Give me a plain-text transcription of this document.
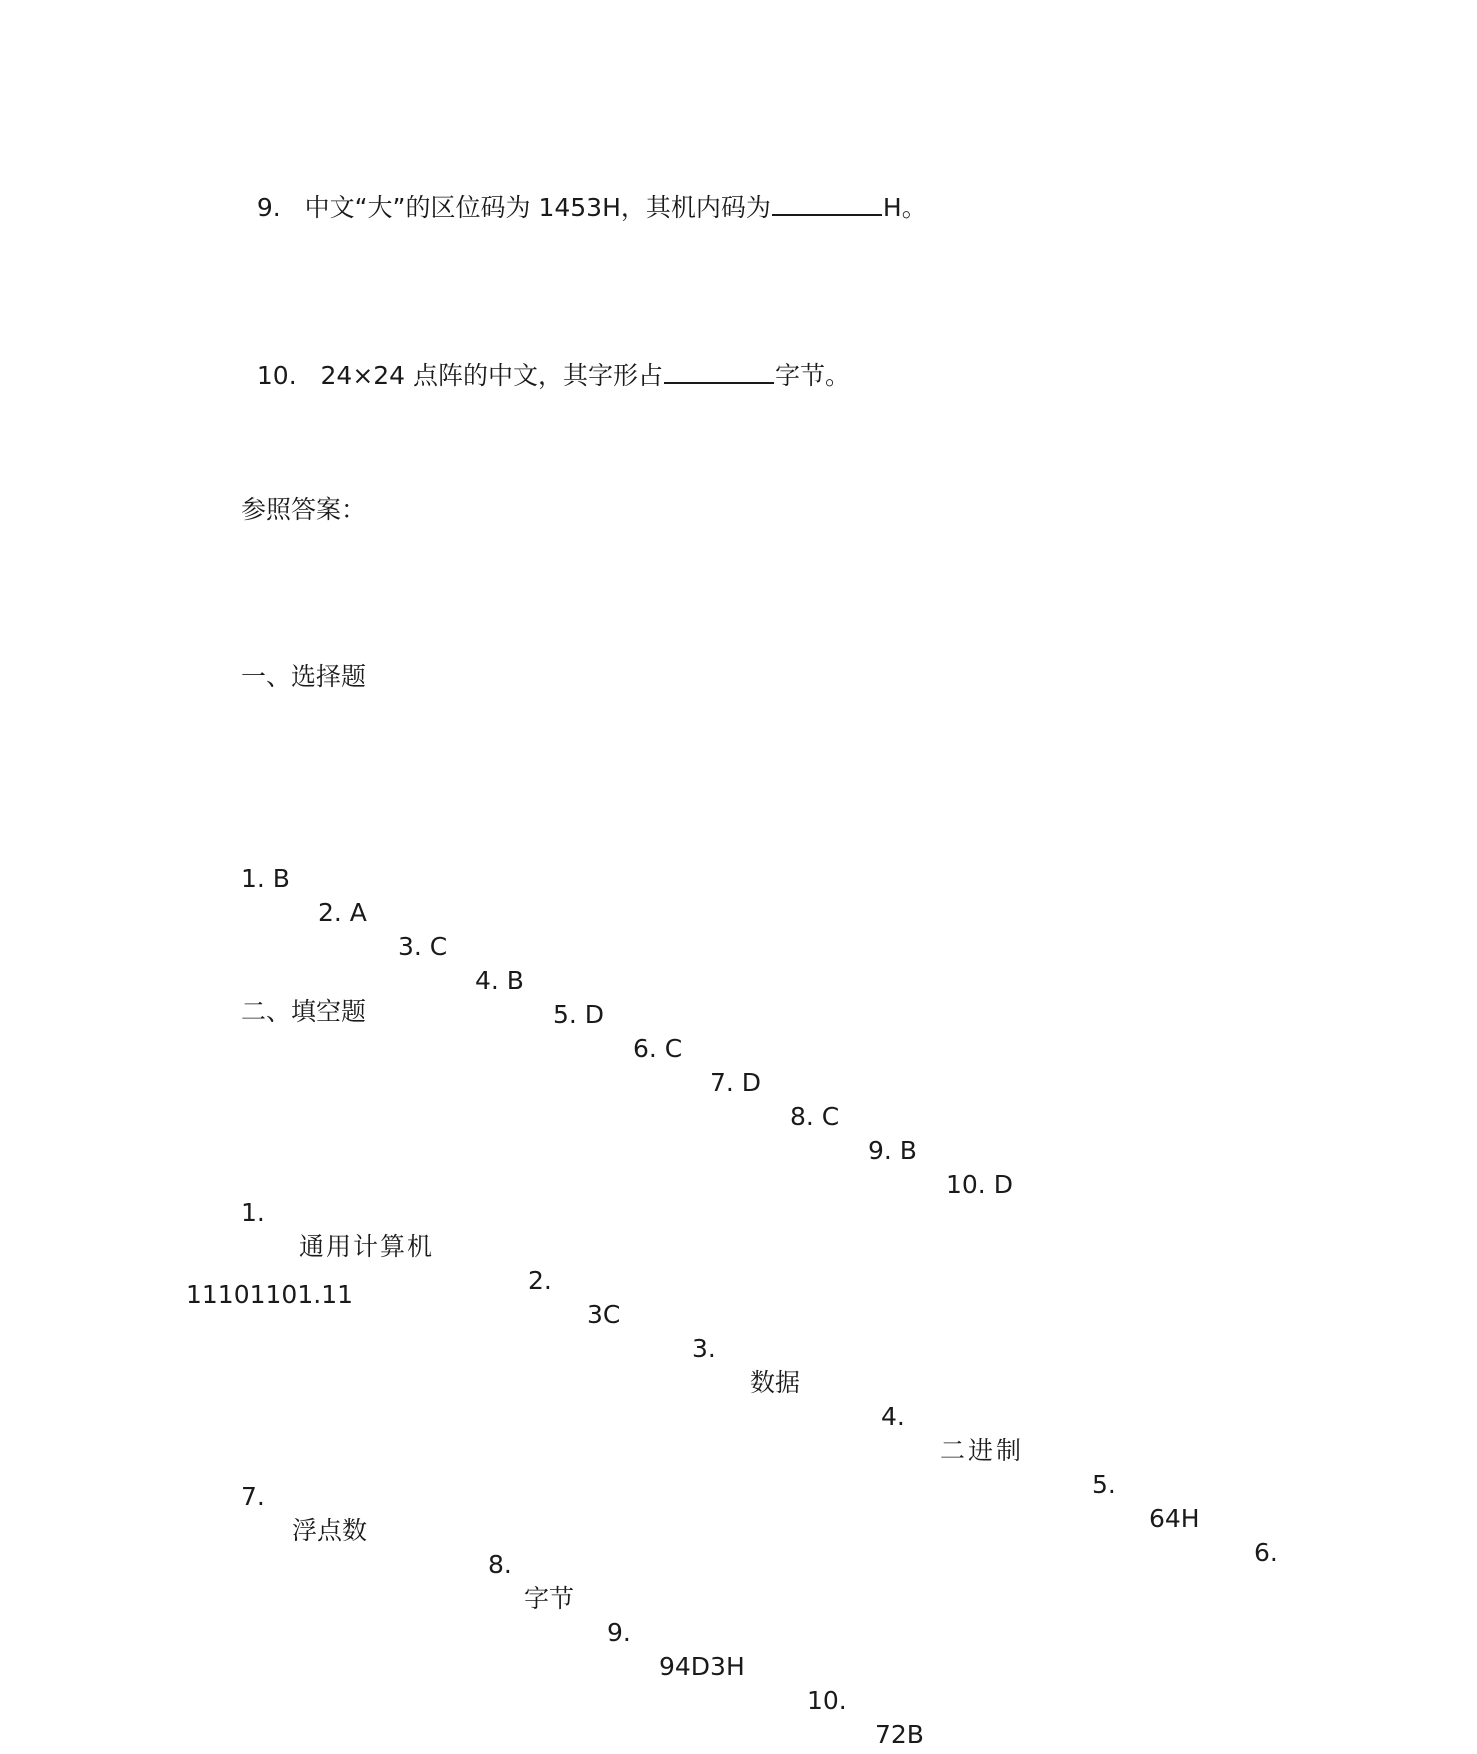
9. 中文“大”的区位码为 1453H，其机内码为	H。

10. 24×24 点阵的中文，其字形占	字节。

参照答案：
一、选择题

1. B

2. A

3. C

4. B

5. D

6. C

7. D

8. C

9. B

10. D

二、填空题

1.

通用计算机

2.

3C

3.

数据

4.

二进制

5.

64H

6.

11101101.11

7.

浮点数

8.

字节

9.

94D3H

10.

72B
